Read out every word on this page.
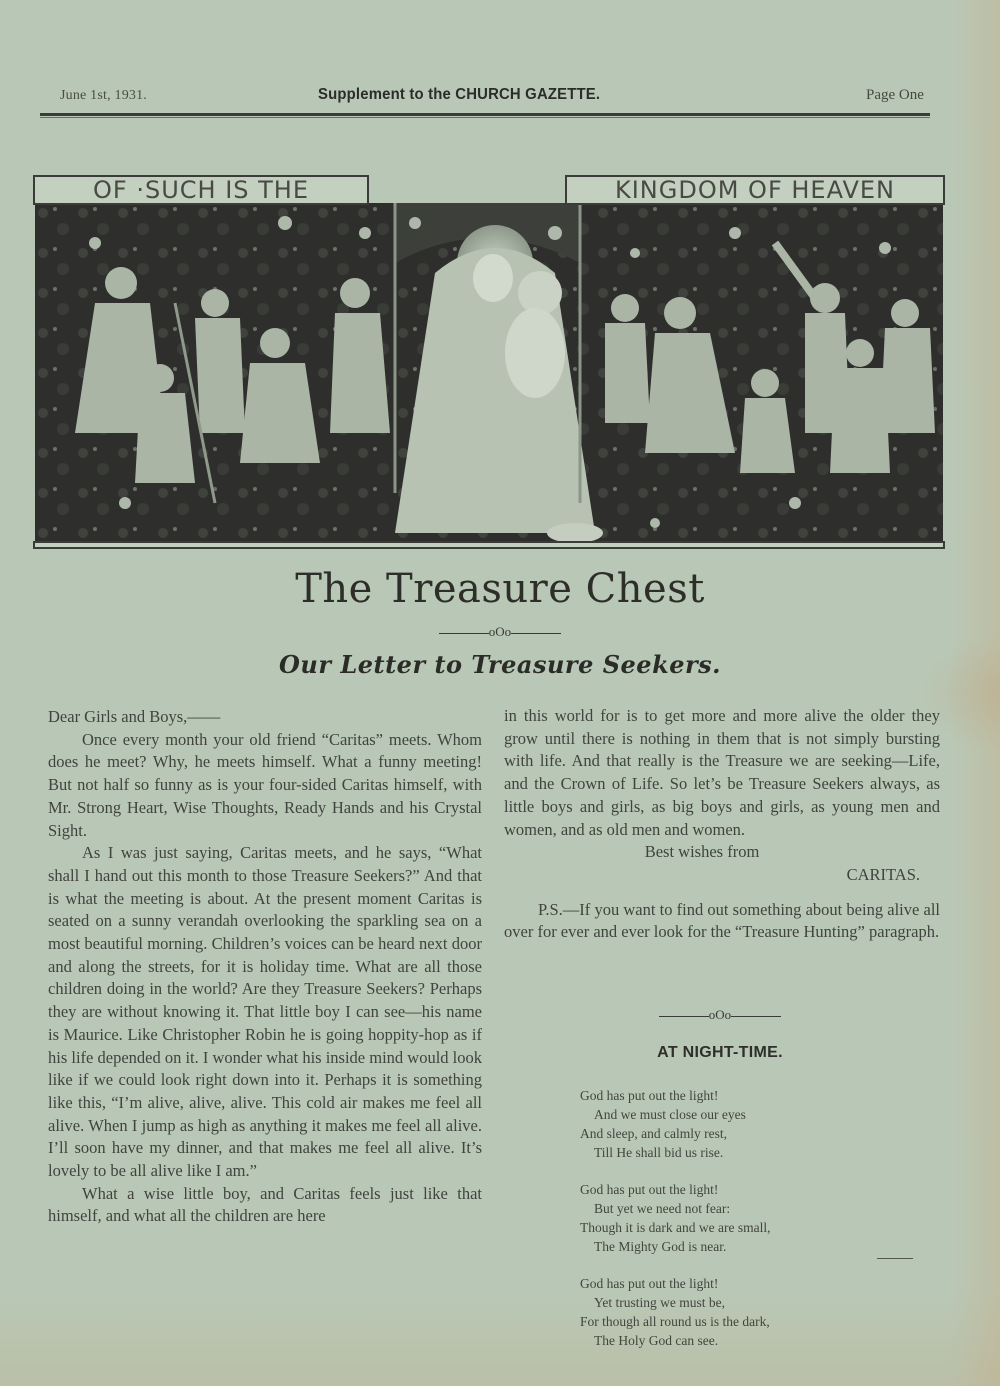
June 1st, 1931.	Supplement to the CHURCH GAZETTE.	Page One
OF ·SUCH IS THE	KINGDOM OF HEAVEN
The Treasure Chest
oOo
Our Letter to Treasure Seekers.

Dear Girls and Boys,——

Once every month your old friend “Caritas” meets. Whom does he meet? Why, he meets himself. What a funny meeting! But not half so funny as is your four-sided Caritas himself, with Mr. Strong Heart, Wise Thoughts, Ready Hands and his Crystal Sight.

As I was just saying, Caritas meets, and he says, “What shall I hand out this month to those Treasure Seekers?” And that is what the meeting is about. At the present moment Caritas is seated on a sunny verandah overlooking the sparkling sea on a most beautiful morning. Children’s voices can be heard next door and along the streets, for it is holiday time. What are all those children doing in the world? Are they Treasure Seekers? Perhaps they are without knowing it. That little boy I can see—his name is Maurice. Like Christopher Robin he is going hoppity-hop as if his life depended on it. I wonder what his inside mind would look like if we could look right down into it. Perhaps it is something like this, “I’m alive, alive, alive. This cold air makes me feel all alive. When I jump as high as anything it makes me feel all alive. I’ll soon have my dinner, and that makes me feel all alive. It’s lovely to be all alive like I am.”

What a wise little boy, and Caritas feels just like that himself, and what all the children are here

in this world for is to get more and more alive the older they grow until there is nothing in them that is not simply bursting with life. And that really is the Treasure we are seeking—Life, and the Crown of Life. So let’s be Treasure Seekers always, as little boys and girls, as big boys and girls, as young men and women, and as old men and women.

Best wishes from

CARITAS.

P.S.—If you want to find out something about being alive all over for ever and ever look for the “Treasure Hunting” paragraph.

oOo
AT NIGHT-TIME.
God has put out the light!
And we must close our eyes
And sleep, and calmly rest,
Till He shall bid us rise.
God has put out the light!
But yet we need not fear:
Though it is dark and we are small,
The Mighty God is near.
God has put out the light!
Yet trusting we must be,
For though all round us is the dark,
The Holy God can see.
